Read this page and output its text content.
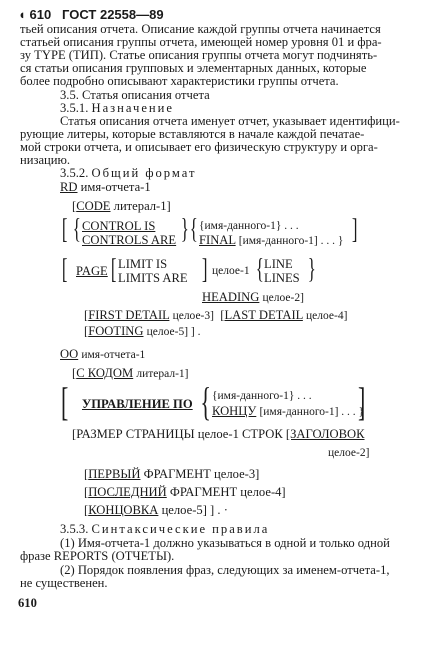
◖ 610 ГОСТ 22558—89
тьей описания отчета. Описание каждой группы отчета начинается
статьей описания группы отчета, имеющей номер уровня 01 и фра-
зу TYPE (ТИП). Статье описания группы отчета могут подчинять-
ся статьи описания групповых и элементарных данных, которые
более подробно описывают характеристики группы отчета.
3.5. Статья описания отчета
3.5.1. Назначение
Статья описания отчета именует отчет, указывает идентифици-
рующие литеры, которые вставляются в начале каждой печатае-
мой строки отчета, и описывает его физическую структуру и орга-
низацию.
3.5.2. Общий формат
RD имя-отчета-1
[CODE литерал-1]
[ { CONTROL IS
CONTROLS ARE } { {имя-данного-1} . . .
FINAL [имя-данного-1] . . . } ]
[ PAGE [ LIMIT IS
LIMITS ARE ] целое-1 { LINE
LINES }
HEADING целое-2]
[FIRST DETAIL целое-3]  [LAST DETAIL целое-4]
[FOOTING целое-5] ] .
ОО имя-отчета-1
[С КОДОМ литерал-1]
[ УПРАВЛЕНИЕ ПО { {имя-данного-1} . . .
КОНЦУ [имя-данного-1] . . . }
]
[РАЗМЕР СТРАНИЦЫ целое-1 СТРОК [ЗАГОЛОВОК
целое-2]
[ПЕРВЫЙ ФРАГМЕНТ целое-3]
[ПОСЛЕДНИЙ ФРАГМЕНТ целое-4]
[КОНЦОВКА целое-5] ] . ·
3.5.3. Синтаксические правила
(1) Имя-отчета-1 должно указываться в одной и только одной
фразе REPORTS (ОТЧЕТЫ).
(2) Порядок появления фраз, следующих за именем-отчета-1,
не существенен.
610
